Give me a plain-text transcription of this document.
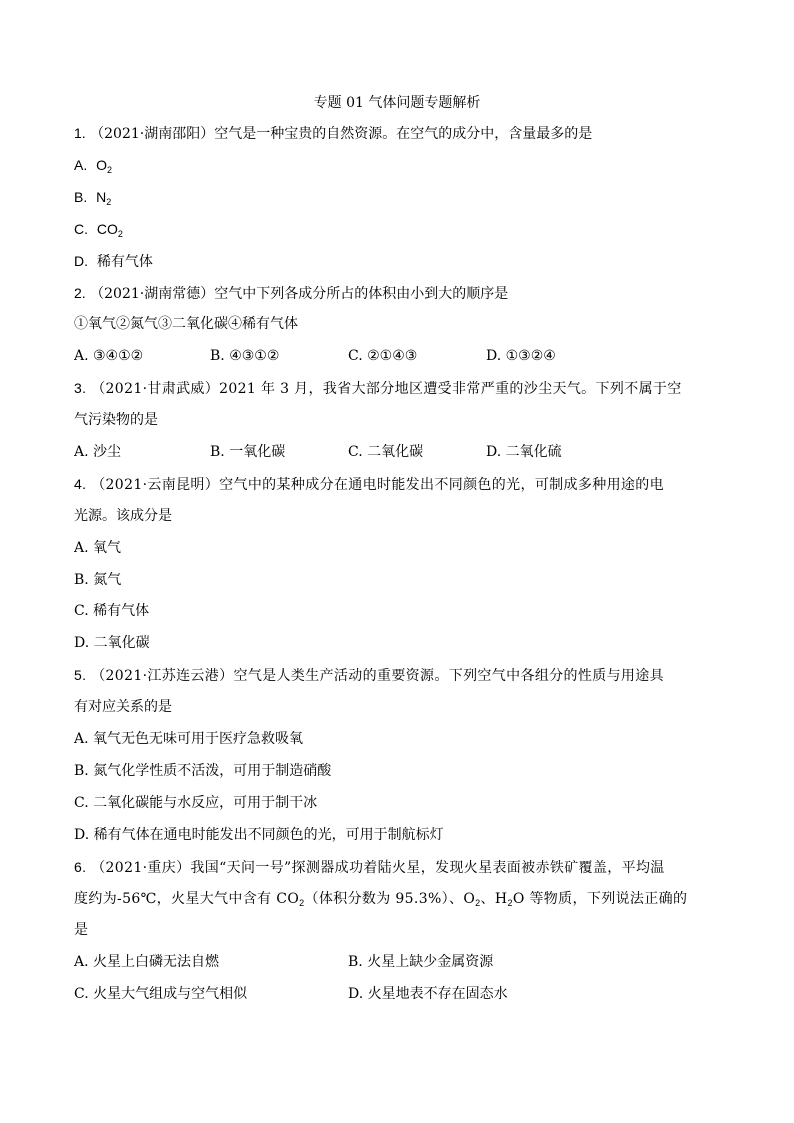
专题 01 气体问题专题解析
1. （2021·湖南邵阳）空气是一种宝贵的自然资源。在空气的成分中，含量最多的是
A. $O_2$
B. $N_2$
C. $CO_2$
D. 稀有气体
2. （2021·湖南常德）空气中下列各成分所占的体积由小到大的顺序是
①氧气②氮气③二氧化碳④稀有气体
A. ③④①②	B. ④③①②	C. ②①④③	D. ①③②④
3. （2021·甘肃武威）2021 年 3 月，我省大部分地区遭受非常严重的沙尘天气。下列不属于空
气污染物的是
A. 沙尘	B. 一氧化碳	C. 二氧化碳	D. 二氧化硫
4. （2021·云南昆明）空气中的某种成分在通电时能发出不同颜色的光，可制成多种用途的电
光源。该成分是
A. 氧气
B. 氮气
C. 稀有气体
D. 二氧化碳
5. （2021·江苏连云港）空气是人类生产活动的重要资源。下列空气中各组分的性质与用途具
有对应关系的是
A. 氧气无色无味可用于医疗急救吸氧
B. 氮气化学性质不活泼，可用于制造硝酸
C. 二氧化碳能与水反应，可用于制干冰
D. 稀有气体在通电时能发出不同颜色的光，可用于制航标灯
6. （2021·重庆）我国“天问一号”探测器成功着陆火星，发现火星表面被赤铁矿覆盖，平均温
度约为-56℃，火星大气中含有 $CO_2$（体积分数为 95.3%）、$O_2$、$H_2O$ 等物质，下列说法正确的
是
A. 火星上白磷无法自燃	B. 火星上缺少金属资源
C. 火星大气组成与空气相似	D. 火星地表不存在固态水
